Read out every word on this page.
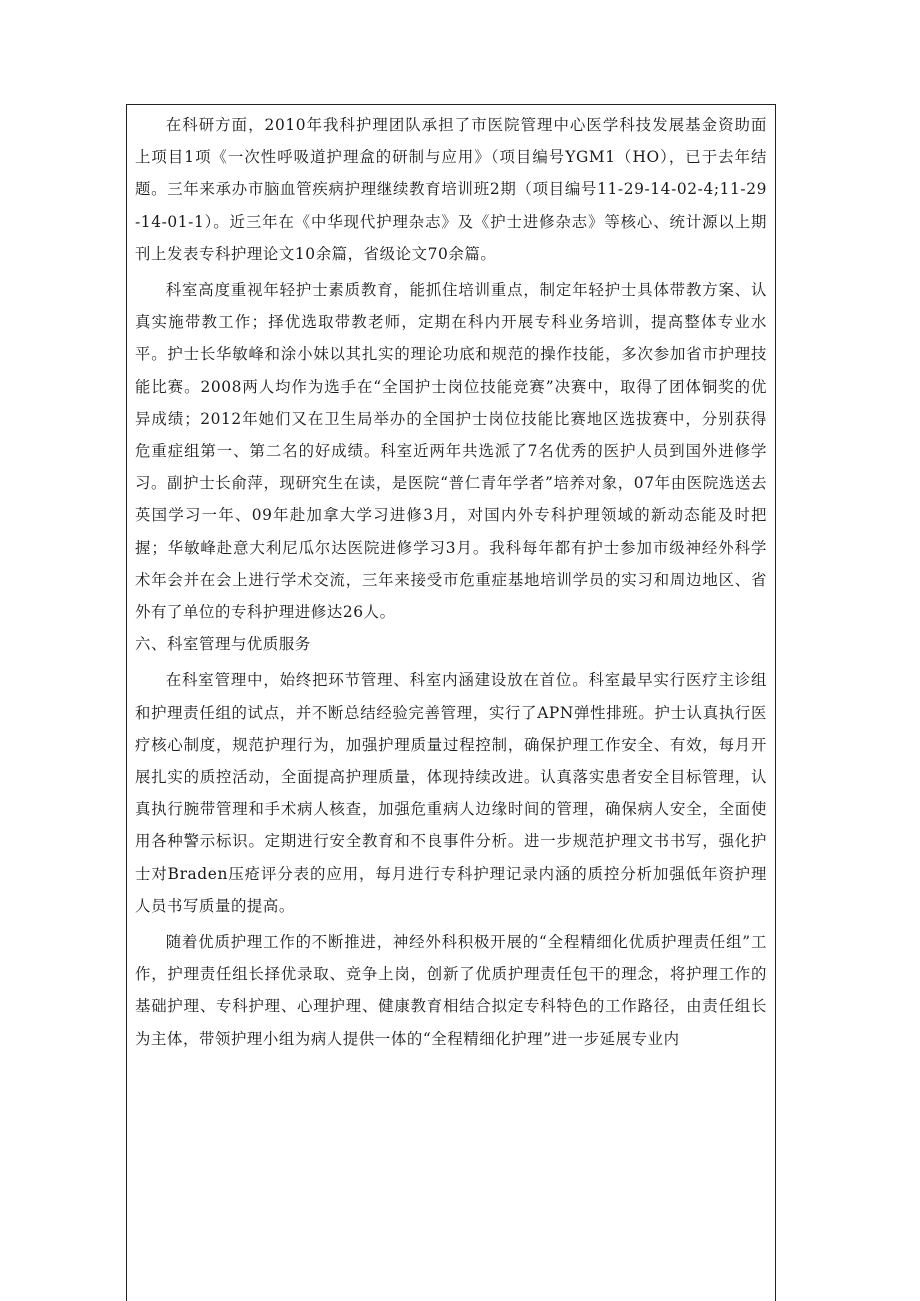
在科研方面，2010年我科护理团队承担了市医院管理中心医学科技发展基金资助面上项目1项《一次性呼吸道护理盒的研制与应用》（项目编号YGM1（HO），已于去年结题。三年来承办市脑血管疾病护理继续教育培训班2期（项目编号11-29-14-02-4;11-29-14-01-1）。近三年在《中华现代护理杂志》及《护士进修杂志》等核心、统计源以上期刊上发表专科护理论文10余篇，省级论文70余篇。

科室高度重视年轻护士素质教育，能抓住培训重点，制定年轻护士具体带教方案、认真实施带教工作；择优选取带教老师，定期在科内开展专科业务培训，提高整体专业水平。护士长华敏峰和涂小妹以其扎实的理论功底和规范的操作技能，多次参加省市护理技能比赛。2008两人均作为选手在“全国护士岗位技能竞赛”决赛中，取得了团体铜奖的优异成绩；2012年她们又在卫生局举办的全国护士岗位技能比赛地区选拔赛中，分别获得危重症组第一、第二名的好成绩。科室近两年共选派了7名优秀的医护人员到国外进修学习。副护士长俞萍，现研究生在读，是医院“普仁青年学者”培养对象，07年由医院选送去英国学习一年、09年赴加拿大学习进修3月，对国内外专科护理领域的新动态能及时把握；华敏峰赴意大利尼瓜尔达医院进修学习3月。我科每年都有护士参加市级神经外科学术年会并在会上进行学术交流，三年来接受市危重症基地培训学员的实习和周边地区、省外有了单位的专科护理进修达26人。

六、科室管理与优质服务

在科室管理中，始终把环节管理、科室内涵建设放在首位。科室最早实行医疗主诊组和护理责任组的试点，并不断总结经验完善管理，实行了APN弹性排班。护士认真执行医疗核心制度，规范护理行为，加强护理质量过程控制，确保护理工作安全、有效，每月开展扎实的质控活动，全面提高护理质量，体现持续改进。认真落实患者安全目标管理，认真执行腕带管理和手术病人核查，加强危重病人边缘时间的管理，确保病人安全，全面使用各种警示标识。定期进行安全教育和不良事件分析。进一步规范护理文书书写，强化护士对Braden压疮评分表的应用，每月进行专科护理记录内涵的质控分析加强低年资护理人员书写质量的提高。

随着优质护理工作的不断推进，神经外科积极开展的“全程精细化优质护理责任组”工作，护理责任组长择优录取、竞争上岗，创新了优质护理责任包干的理念，将护理工作的基础护理、专科护理、心理护理、健康教育相结合拟定专科特色的工作路径，由责任组长为主体，带领护理小组为病人提供一体的“全程精细化护理”进一步延展专业内
